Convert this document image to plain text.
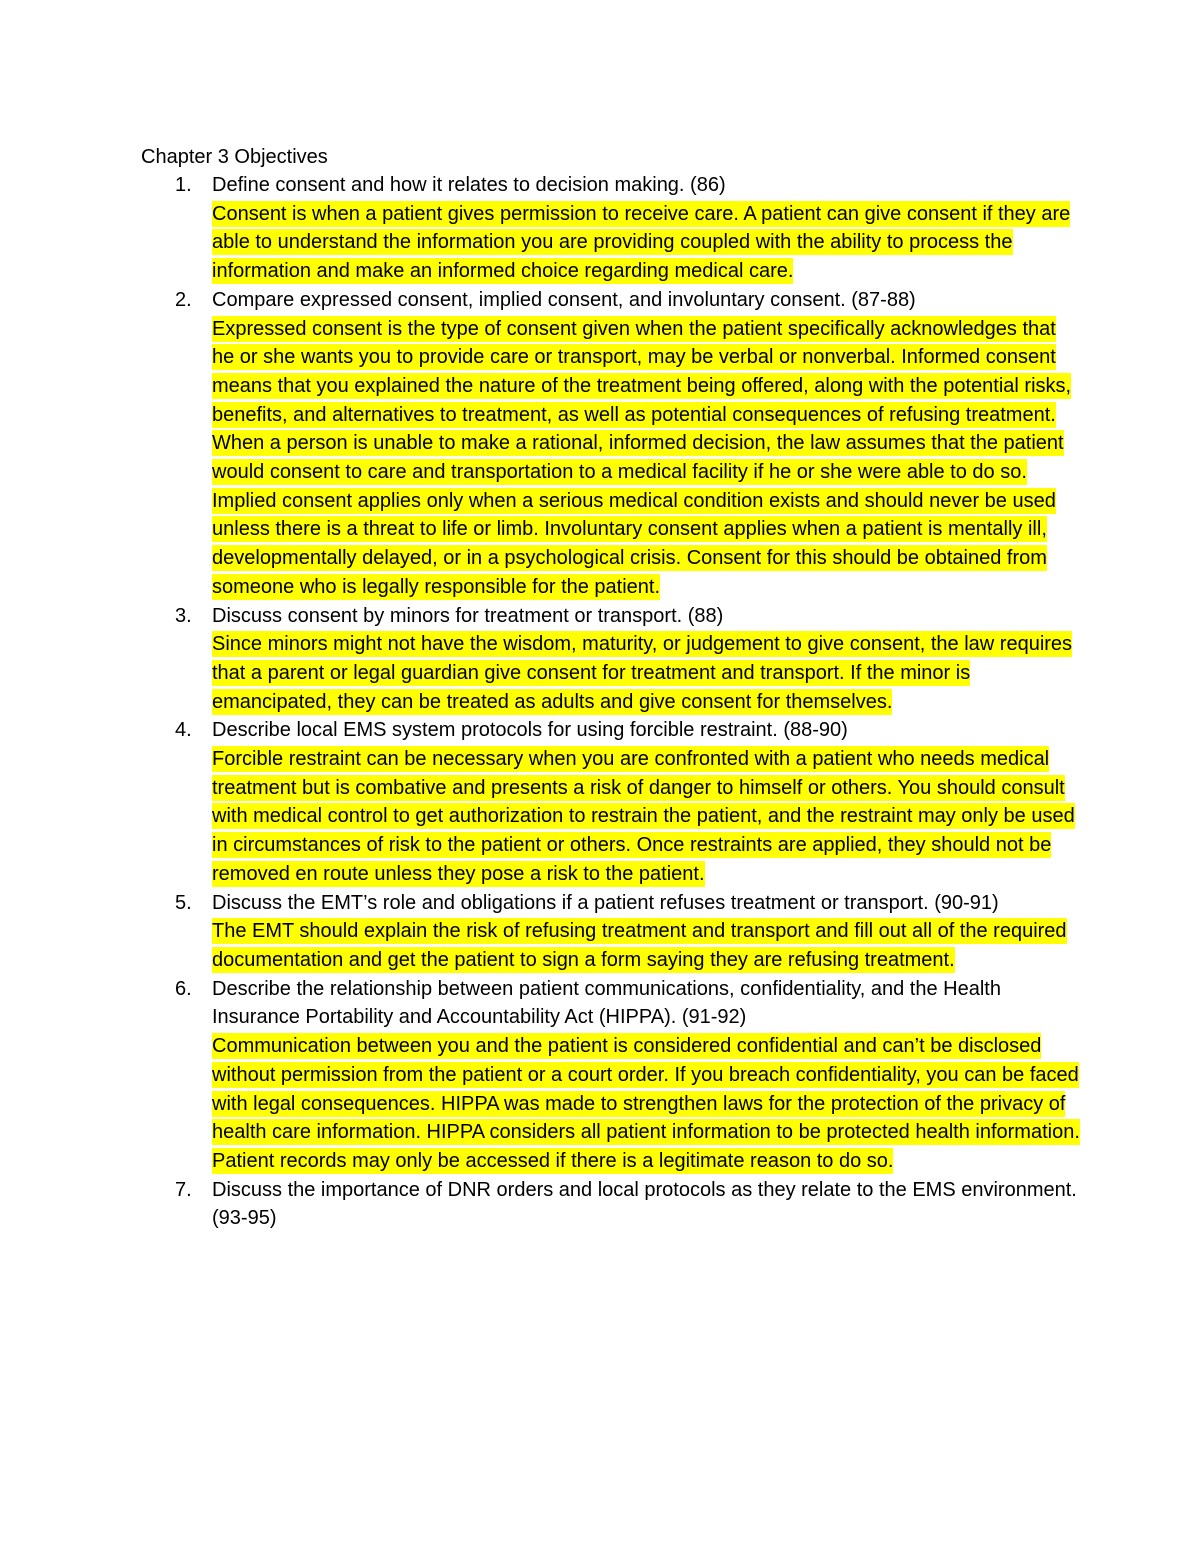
Chapter 3 Objectives
1. Define consent and how it relates to decision making. (86)
Consent is when a patient gives permission to receive care. A patient can give consent if they are able to understand the information you are providing coupled with the ability to process the information and make an informed choice regarding medical care.
2. Compare expressed consent, implied consent, and involuntary consent. (87-88)
Expressed consent is the type of consent given when the patient specifically acknowledges that he or she wants you to provide care or transport, may be verbal or nonverbal. Informed consent means that you explained the nature of the treatment being offered, along with the potential risks, benefits, and alternatives to treatment, as well as potential consequences of refusing treatment. When a person is unable to make a rational, informed decision, the law assumes that the patient would consent to care and transportation to a medical facility if he or she were able to do so. Implied consent applies only when a serious medical condition exists and should never be used unless there is a threat to life or limb. Involuntary consent applies when a patient is mentally ill, developmentally delayed, or in a psychological crisis. Consent for this should be obtained from someone who is legally responsible for the patient.
3. Discuss consent by minors for treatment or transport. (88)
Since minors might not have the wisdom, maturity, or judgement to give consent, the law requires that a parent or legal guardian give consent for treatment and transport. If the minor is emancipated, they can be treated as adults and give consent for themselves.
4. Describe local EMS system protocols for using forcible restraint. (88-90)
Forcible restraint can be necessary when you are confronted with a patient who needs medical treatment but is combative and presents a risk of danger to himself or others. You should consult with medical control to get authorization to restrain the patient, and the restraint may only be used in circumstances of risk to the patient or others. Once restraints are applied, they should not be removed en route unless they pose a risk to the patient.
5. Discuss the EMT’s role and obligations if a patient refuses treatment or transport. (90-91)
The EMT should explain the risk of refusing treatment and transport and fill out all of the required documentation and get the patient to sign a form saying they are refusing treatment.
6. Describe the relationship between patient communications, confidentiality, and the Health Insurance Portability and Accountability Act (HIPPA). (91-92)
Communication between you and the patient is considered confidential and can’t be disclosed without permission from the patient or a court order. If you breach confidentiality, you can be faced with legal consequences. HIPPA was made to strengthen laws for the protection of the privacy of health care information. HIPPA considers all patient information to be protected health information. Patient records may only be accessed if there is a legitimate reason to do so.
7. Discuss the importance of DNR orders and local protocols as they relate to the EMS environment. (93-95)
